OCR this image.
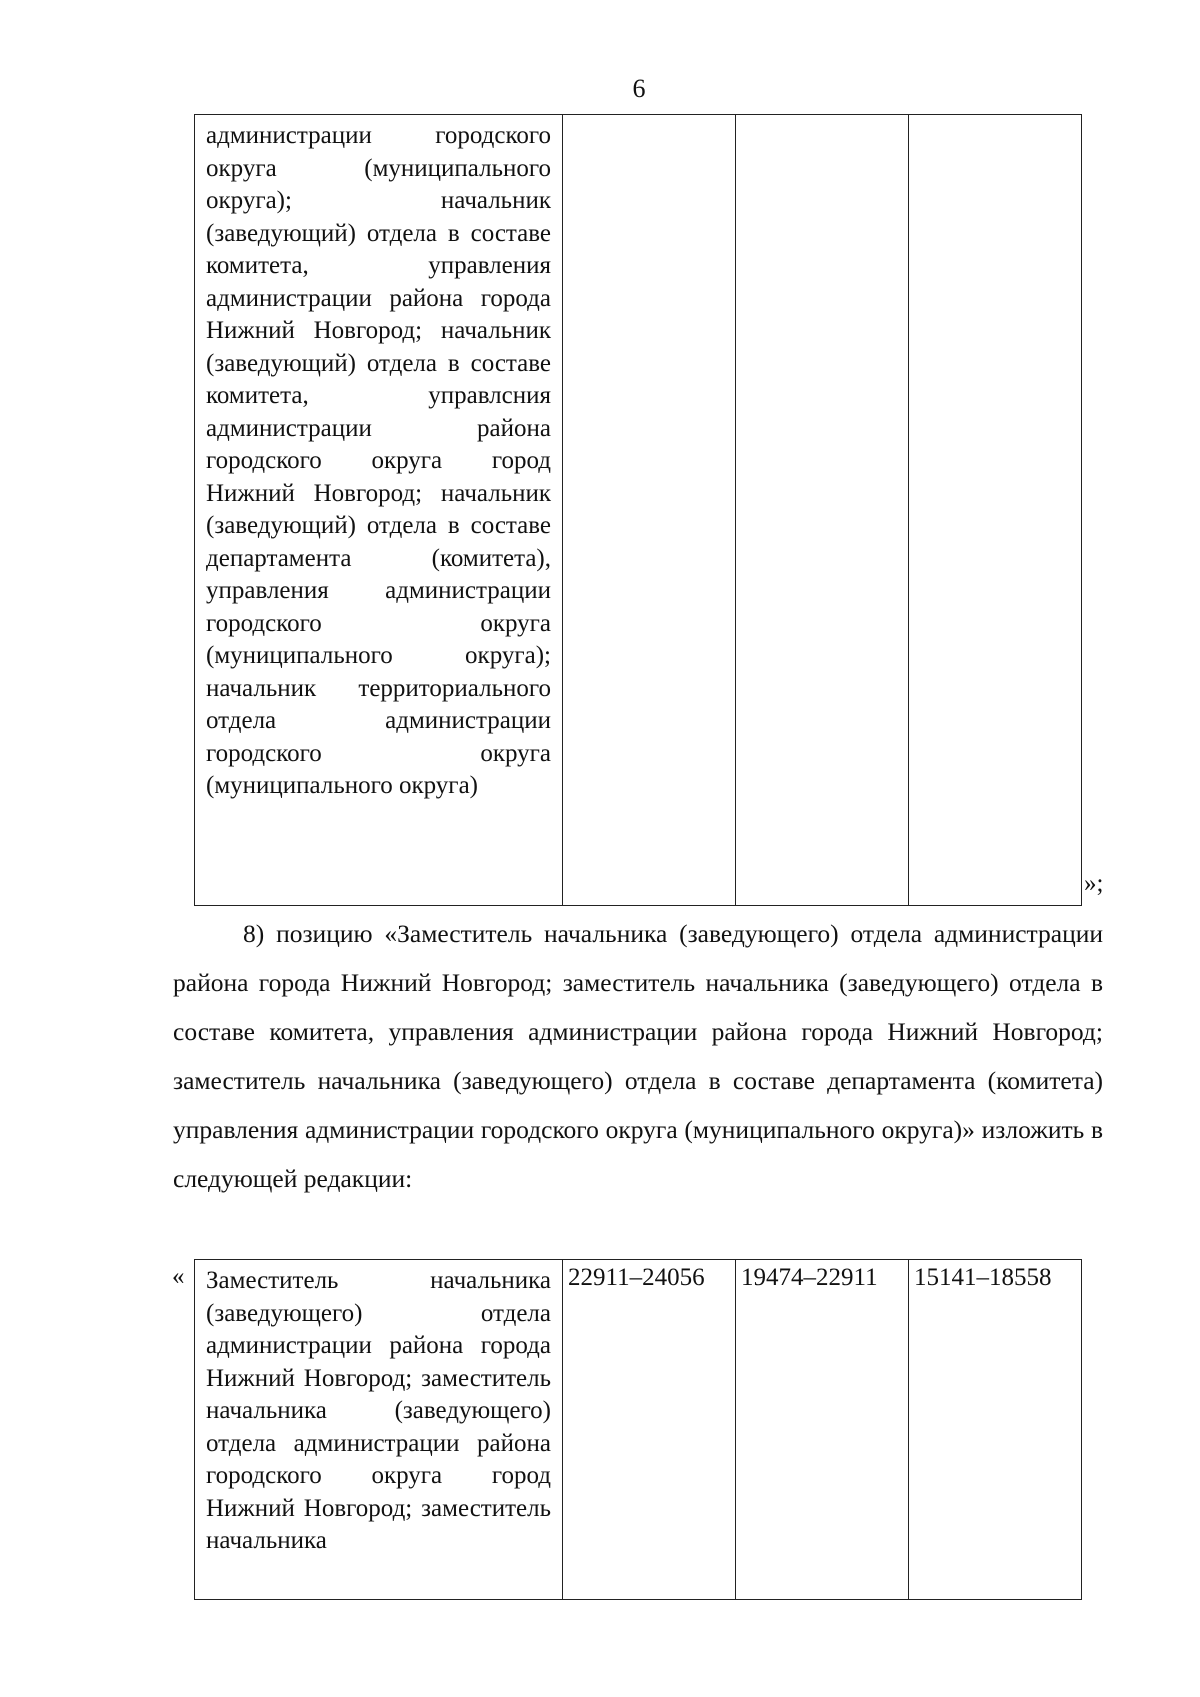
6
администрации городского округа (муниципального округа); начальник (заведующий) отдела в составе комитета, управления администрации района города Нижний Новгород; начальник (заведующий) отдела в составе комитета, управлсния администрации района городского округа город Нижний Новгород; начальник (заведующий) отдела в составе департамента (комитета), управления администрации городского округа (муниципального округа); начальник территориального отдела администрации городского округа (муниципального округа)			
»;

8) позицию «Заместитель начальника (заведующего) отдела администрации района города Нижний Новгород; заместитель начальника (заведующего) отдела в составе комитета, управления администрации района города Нижний Новгород; заместитель начальника (заведующего) отдела в составе департамента (комитета) управления администрации городского округа (муниципального округа)» изложить в следующей редакции:

« Заместитель начальника (заведующего) отдела администрации района города Нижний Новгород; заместитель начальника (заведующего) отдела администрации района городского округа город Нижний Новгород; заместитель начальника	22911–24056	19474–22911	15141–18558
